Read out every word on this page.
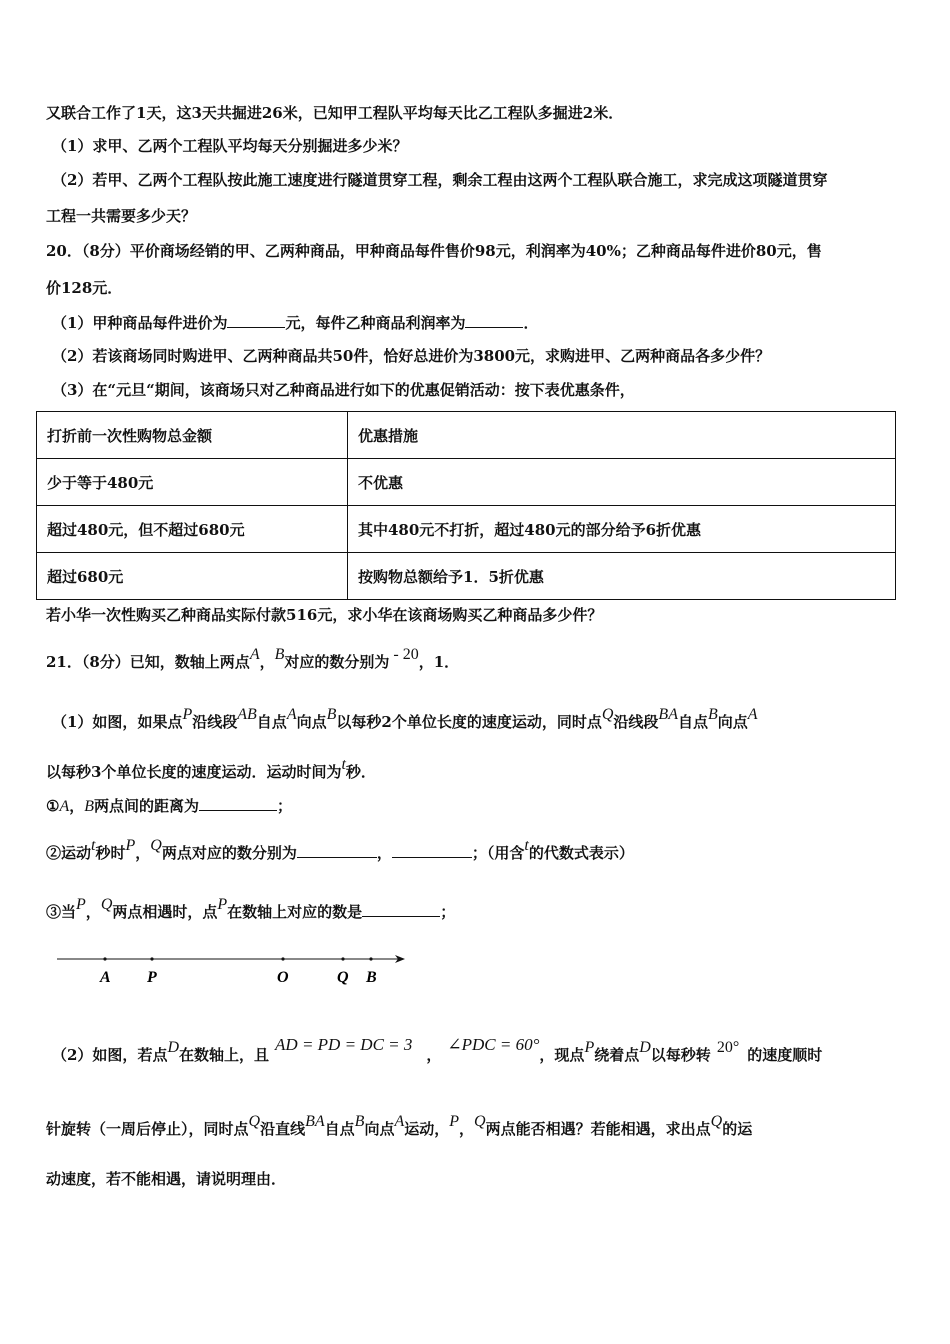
又联合工作了1天，这3天共掘进26米，已知甲工程队平均每天比乙工程队多掘进2米．
（1）求甲、乙两个工程队平均每天分别掘进多少米？
（2）若甲、乙两个工程队按此施工速度进行隧道贯穿工程，剩余工程由这两个工程队联合施工，求完成这项隧道贯穿
工程一共需要多少天？
20．（8分）平价商场经销的甲、乙两种商品，甲种商品每件售价98元，利润率为40%；乙种商品每件进价80元，售
价128元．
（1）甲种商品每件进价为	元，每件乙种商品利润率为	．
（2）若该商场同时购进甲、乙两种商品共50件，恰好总进价为3800元，求购进甲、乙两种商品各多少件？
（3）在“元旦“期间，该商场只对乙种商品进行如下的优惠促销活动：按下表优惠条件，
打折前一次性购物总金额	优惠措施
少于等于480元	不优惠
超过480元，但不超过680元	其中480元不打折，超过480元的部分给予6折优惠
超过680元	按购物总额给予1．5折优惠
若小华一次性购买乙种商品实际付款516元，求小华在该商场购买乙种商品多少件？
21．（8分）已知，数轴上两点A，B对应的数分别为 - 20，1．
（1）如图，如果点P沿线段AB自点A向点B以每秒2个单位长度的速度运动，同时点Q沿线段BA自点B向点A
以每秒3个单位长度的速度运动．运动时间为t秒．
①A，B两点间的距离为	；
②运动t秒时P，Q两点对应的数分别为	，	；（用含t的代数式表示）
③当P，Q两点相遇时，点P在数轴上对应的数是	；
A P	O	Q B
（2）如图，若点D在数轴上，且AD = PD = DC = 3，∠PDC = 60°，现点P绕着点D以每秒转 20° 的速度顺时
针旋转（一周后停止），同时点Q沿直线BA自点B向点A运动，P，Q两点能否相遇？若能相遇，求出点Q的运
动速度，若不能相遇，请说明理由．
